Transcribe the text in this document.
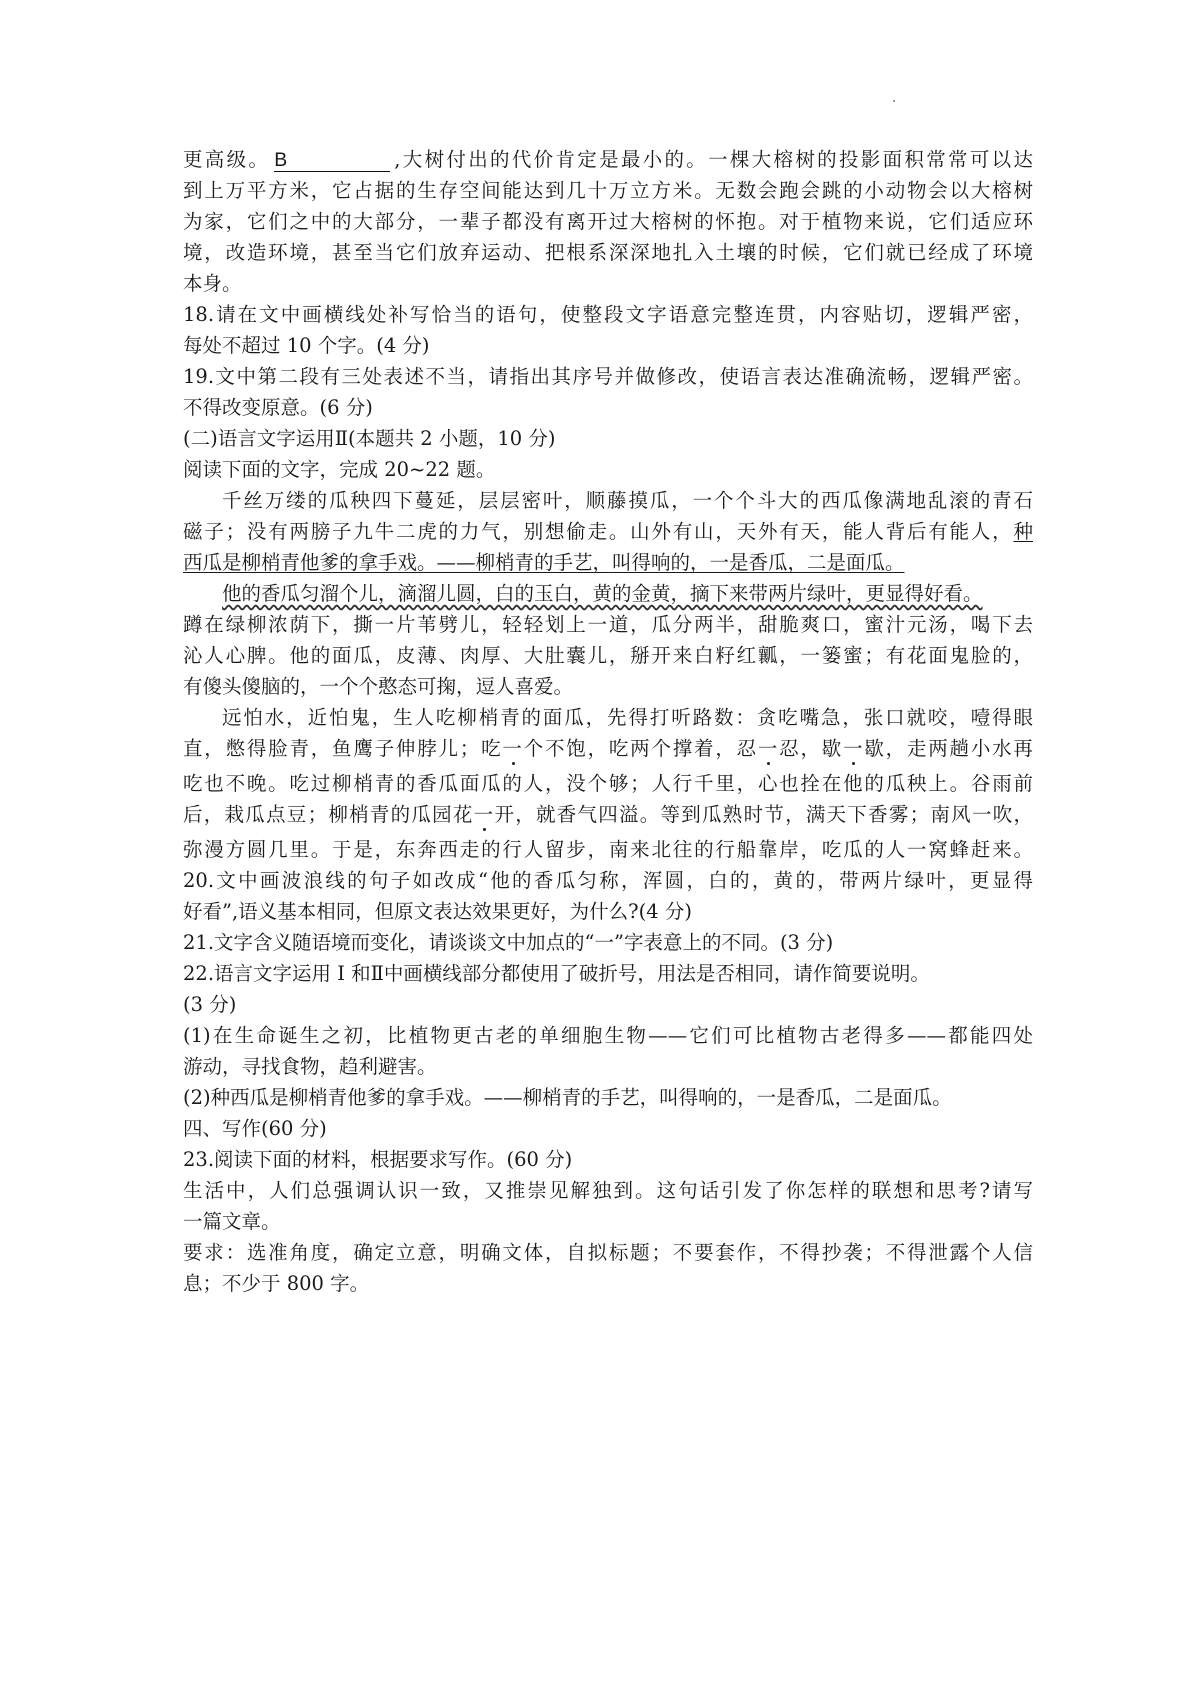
更高级。 B	,大树付出的代价肯定是最小的。一棵大榕树的投影面积常常可以达
到上万平方米，它占据的生存空间能达到几十万立方米。无数会跑会跳的小动物会以大榕树
为家，它们之中的大部分，一辈子都没有离开过大榕树的怀抱。对于植物来说，它们适应环
境，改造环境，甚至当它们放弃运动、把根系深深地扎入土壤的时候，它们就已经成了环境
本身。
18.请在文中画横线处补写恰当的语句，使整段文字语意完整连贯，内容贴切，逻辑严密，
每处不超过 10 个字。(4 分)
19.文中第二段有三处表述不当，请指出其序号并做修改，使语言表达准确流畅，逻辑严密。
不得改变原意。(6 分)
(二)语言文字运用Ⅱ(本题共 2 小题，10 分)
阅读下面的文字，完成 20~22 题。
千丝万缕的瓜秧四下蔓延，层层密叶，顺藤摸瓜，一个个斗大的西瓜像满地乱滚的青石
磁子；没有两膀子九牛二虎的力气，别想偷走。山外有山，天外有天，能人背后有能人，种
西瓜是柳梢青他爹的拿手戏。——柳梢青的手艺，叫得响的，一是香瓜，二是面瓜。
他的香瓜匀溜个儿，滴溜儿圆，白的玉白，黄的金黄，摘下来带两片绿叶，更显得好看。
蹲在绿柳浓荫下，撕一片苇劈儿，轻轻划上一道，瓜分两半，甜脆爽口，蜜汁元汤，喝下去
沁人心脾。他的面瓜，皮薄、肉厚、大肚囊儿，掰开来白籽红瓤，一篓蜜；有花面鬼脸的，
有傻头傻脑的，一个个憨态可掬，逗人喜爱。
远怕水，近怕鬼，生人吃柳梢青的面瓜，先得打听路数：贪吃嘴急，张口就咬，噎得眼
直，憋得脸青，鱼鹰子伸脖儿；吃一个不饱，吃两个撑着，忍一忍，歇一歇，走两趟小水再
吃也不晚。吃过柳梢青的香瓜面瓜的人，没个够；人行千里，心也拴在他的瓜秧上。谷雨前
后，栽瓜点豆；柳梢青的瓜园花一开，就香气四溢。等到瓜熟时节，满天下香雾；南风一吹，
弥漫方圆几里。于是，东奔西走的行人留步，南来北往的行船靠岸，吃瓜的人一窝蜂赶来。
20.文中画波浪线的句子如改成“他的香瓜匀称，浑圆，白的，黄的，带两片绿叶，更显得
好看”,语义基本相同，但原文表达效果更好，为什么?(4 分)
21.文字含义随语境而变化，请谈谈文中加点的“一”字表意上的不同。(3 分)
22.语言文字运用 I 和Ⅱ中画横线部分都使用了破折号，用法是否相同，请作简要说明。
(3 分)
(1)在生命诞生之初，比植物更古老的单细胞生物——它们可比植物古老得多——都能四处
游动，寻找食物，趋利避害。
(2)种西瓜是柳梢青他爹的拿手戏。——柳梢青的手艺，叫得响的，一是香瓜，二是面瓜。
四、写作(60 分)
23.阅读下面的材料，根据要求写作。(60 分)
生活中，人们总强调认识一致，又推崇见解独到。这句话引发了你怎样的联想和思考?请写
一篇文章。
要求：选准角度，确定立意，明确文体，自拟标题；不要套作，不得抄袭；不得泄露个人信
息；不少于 800 字。
